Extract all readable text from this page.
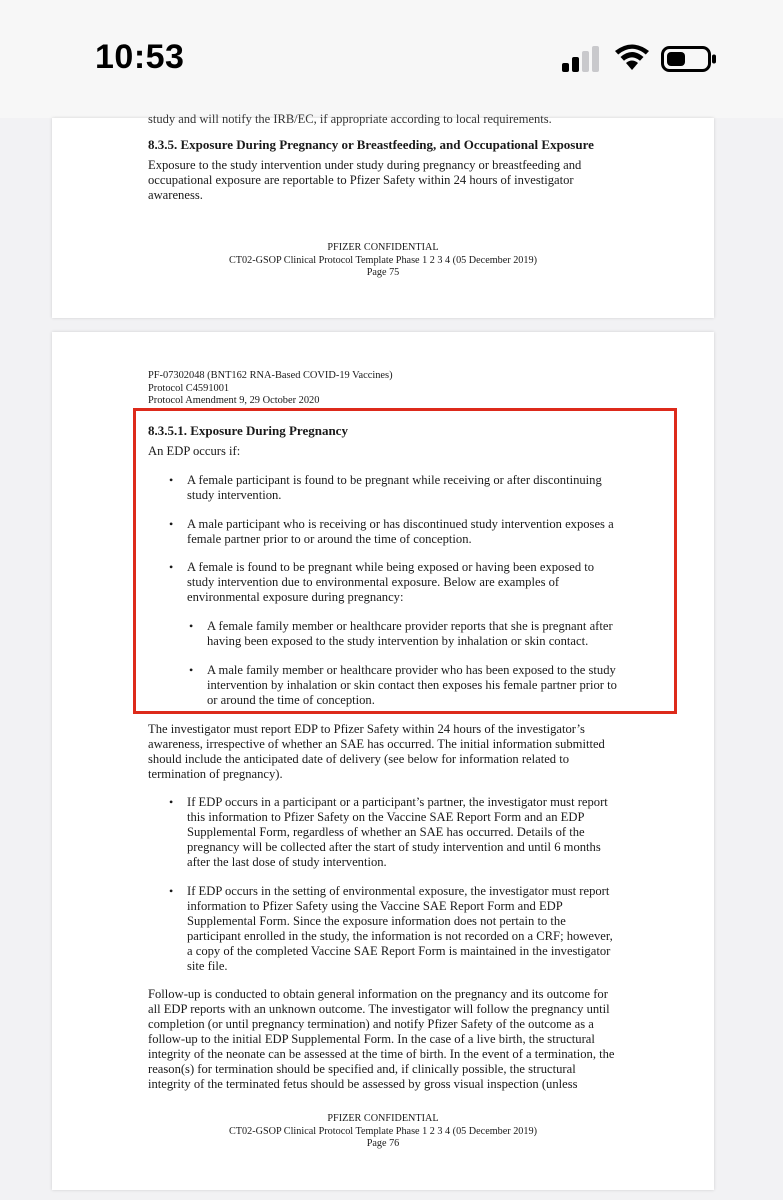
10:53
study and will notify the IRB/EC, if appropriate according to local requirements.
8.3.5. Exposure During Pregnancy or Breastfeeding, and Occupational Exposure
Exposure to the study intervention under study during pregnancy or breastfeeding and
occupational exposure are reportable to Pfizer Safety within 24 hours of investigator
awareness.
PFIZER CONFIDENTIAL
CT02-GSOP Clinical Protocol Template Phase 1 2 3 4 (05 December 2019)
Page 75
PF-07302048 (BNT162 RNA-Based COVID-19 Vaccines)
Protocol C4591001
Protocol Amendment 9, 29 October 2020
8.3.5.1. Exposure During Pregnancy
An EDP occurs if:
• A female participant is found to be pregnant while receiving or after discontinuing
study intervention.
• A male participant who is receiving or has discontinued study intervention exposes a
female partner prior to or around the time of conception.
• A female is found to be pregnant while being exposed or having been exposed to
study intervention due to environmental exposure. Below are examples of
environmental exposure during pregnancy:
• A female family member or healthcare provider reports that she is pregnant after
having been exposed to the study intervention by inhalation or skin contact.
• A male family member or healthcare provider who has been exposed to the study
intervention by inhalation or skin contact then exposes his female partner prior to
or around the time of conception.
The investigator must report EDP to Pfizer Safety within 24 hours of the investigator’s
awareness, irrespective of whether an SAE has occurred. The initial information submitted
should include the anticipated date of delivery (see below for information related to
termination of pregnancy).
• If EDP occurs in a participant or a participant’s partner, the investigator must report
this information to Pfizer Safety on the Vaccine SAE Report Form and an EDP
Supplemental Form, regardless of whether an SAE has occurred. Details of the
pregnancy will be collected after the start of study intervention and until 6 months
after the last dose of study intervention.
• If EDP occurs in the setting of environmental exposure, the investigator must report
information to Pfizer Safety using the Vaccine SAE Report Form and EDP
Supplemental Form. Since the exposure information does not pertain to the
participant enrolled in the study, the information is not recorded on a CRF; however,
a copy of the completed Vaccine SAE Report Form is maintained in the investigator
site file.
Follow-up is conducted to obtain general information on the pregnancy and its outcome for
all EDP reports with an unknown outcome. The investigator will follow the pregnancy until
completion (or until pregnancy termination) and notify Pfizer Safety of the outcome as a
follow-up to the initial EDP Supplemental Form. In the case of a live birth, the structural
integrity of the neonate can be assessed at the time of birth. In the event of a termination, the
reason(s) for termination should be specified and, if clinically possible, the structural
integrity of the terminated fetus should be assessed by gross visual inspection (unless
PFIZER CONFIDENTIAL
CT02-GSOP Clinical Protocol Template Phase 1 2 3 4 (05 December 2019)
Page 76
